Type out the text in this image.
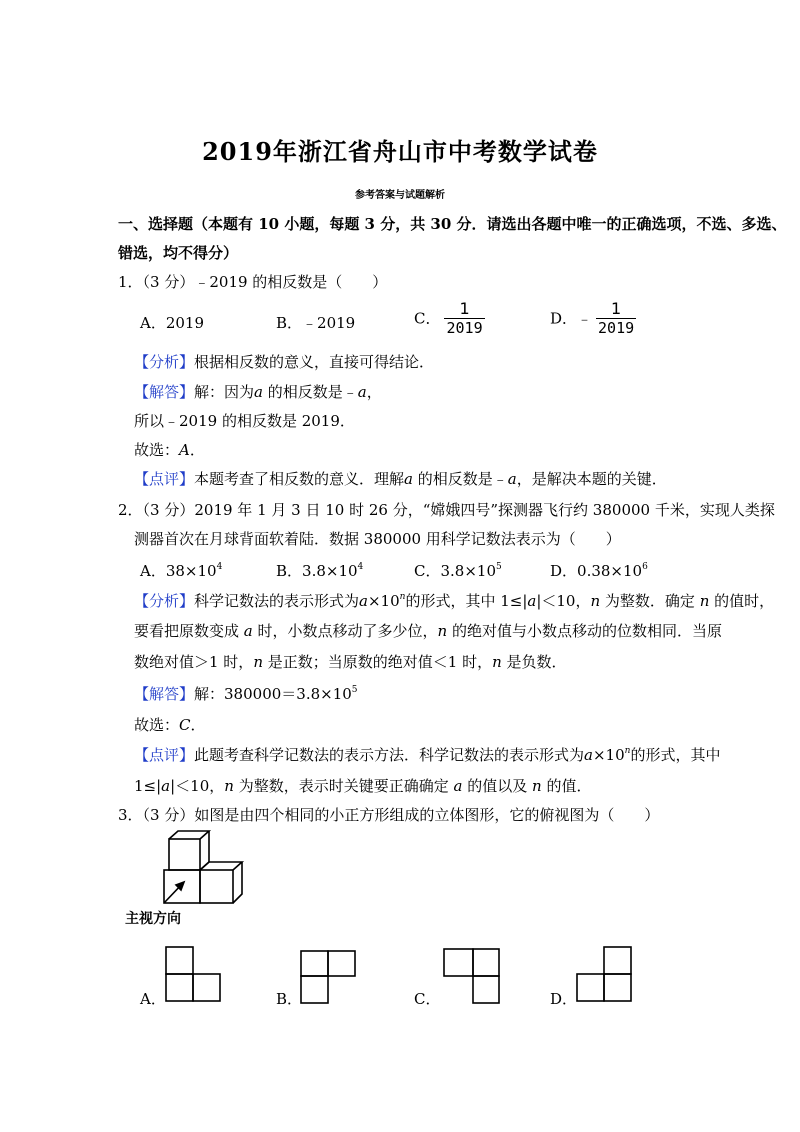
2019年浙江省舟山市中考数学试卷
参考答案与试题解析
一、选择题（本题有 10 小题，每题 3 分，共 30 分．请选出各题中唯一的正确选项，不选、多选、
错选，均不得分）
1．（3 分）﹣2019 的相反数是（　　）
A．2019	B．﹣2019	C． $\frac{1}{2019}$	D．﹣ $\frac{1}{2019}$
【分析】根据相反数的意义，直接可得结论．
【解答】解：因为a 的相反数是﹣a，
所以﹣2019 的相反数是 2019．
故选：A．
【点评】本题考查了相反数的意义．理解a 的相反数是﹣a，是解决本题的关键．
2．（3 分）2019 年 1 月 3 日 10 时 26 分，“嫦娥四号”探测器飞行约 380000 千米，实现人类探
测器首次在月球背面软着陆．数据 380000 用科学记数法表示为（　　）
A．$38\times 10^4$	B．$3.8\times 10^4$	C．$3.8\times 10^5$	D．$0.38\times 10^6$
【分析】科学记数法的表示形式为$a\times 10^n$的形式，其中 1≤|a|＜10，n 为整数．确定 n 的值时，
要看把原数变成 a 时，小数点移动了多少位，n 的绝对值与小数点移动的位数相同．当原
数绝对值＞1 时，n 是正数；当原数的绝对值＜1 时，n 是负数．
【解答】解：$380000=3.8\times 10^5$
故选：C．
【点评】此题考查科学记数法的表示方法．科学记数法的表示形式为$a\times 10^n$的形式，其中
1≤|a|＜10，n 为整数，表示时关键要正确确定 a 的值以及 n 的值．
3．（3 分）如图是由四个相同的小正方形组成的立体图形，它的俯视图为（　　）
主视方向
A．	B．	C．	D．
